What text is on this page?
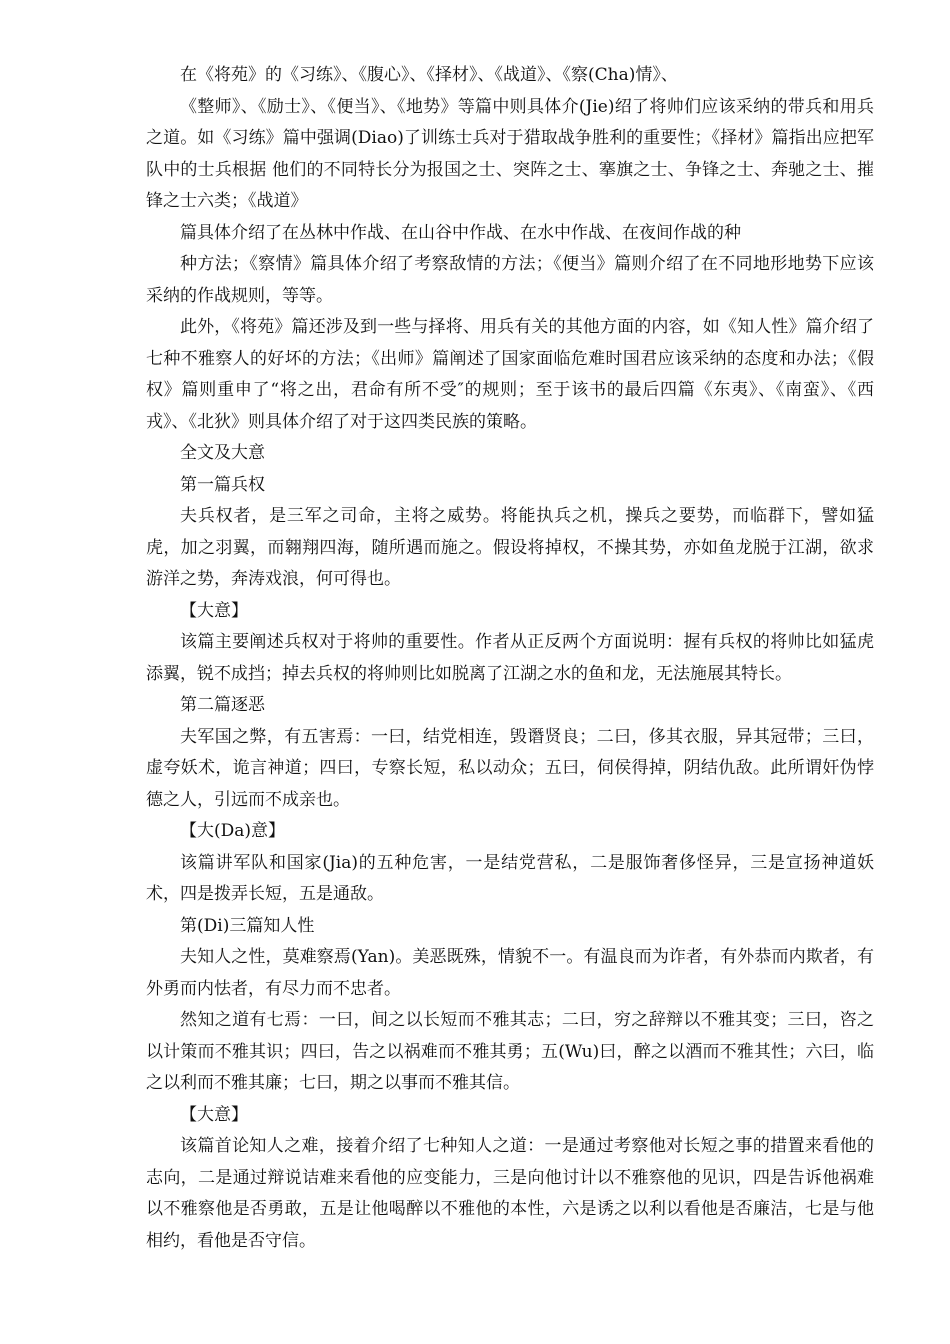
在《将苑》的《习练》、《腹心》、《择材》、《战道》、《察(Cha)情》、

《整师》、《励士》、《便当》、《地势》等篇中则具体介(Jie)绍了将帅们应该采纳的带兵和用兵之道。如《习练》篇中强调(Diao)了训练士兵对于猎取战争胜利的重要性；《择材》篇指出应把军队中的士兵根据 他们的不同特长分为报国之士、突阵之士、搴旗之士、争锋之士、奔驰之士、摧锋之士六类；《战道》

篇具体介绍了在丛林中作战、在山谷中作战、在水中作战、在夜间作战的种

种方法；《察情》篇具体介绍了考察敌情的方法；《便当》篇则介绍了在不同地形地势下应该采纳的作战规则，等等。

此外，《将苑》篇还涉及到一些与择将、用兵有关的其他方面的内容，如《知人性》篇介绍了七种不雅察人的好坏的方法；《出师》篇阐述了国家面临危难时国君应该采纳的态度和办法；《假权》篇则重申了“将之出，君命有所不受″的规则；至于该书的最后四篇《东夷》、《南蛮》、《西戎》、《北狄》则具体介绍了对于这四类民族的策略。

全文及大意

第一篇兵权

夫兵权者，是三军之司命，主将之威势。将能执兵之机，操兵之要势，而临群下，譬如猛虎，加之羽翼，而翱翔四海，随所遇而施之。假设将掉权，不操其势，亦如鱼龙脱于江湖，欲求游洋之势，奔涛戏浪，何可得也。

【大意】

该篇主要阐述兵权对于将帅的重要性。作者从正反两个方面说明：握有兵权的将帅比如猛虎添翼，锐不成挡；掉去兵权的将帅则比如脱离了江湖之水的鱼和龙，无法施展其特长。

第二篇逐恶

夫军国之弊，有五害焉：一曰，结党相连，毁谮贤良；二曰，侈其衣服，异其冠带；三曰，虚夸妖术，诡言神道；四曰，专察长短，私以动众；五曰，伺侯得掉，阴结仇敌。此所谓奸伪悖德之人，引远而不成亲也。

【大(Da)意】

该篇讲军队和国家(Jia)的五种危害，一是结党营私，二是服饰奢侈怪异，三是宣扬神道妖术，四是拨弄长短，五是通敌。

第(Di)三篇知人性

夫知人之性，莫难察焉(Yan)。美恶既殊，情貌不一。有温良而为诈者，有外恭而内欺者，有外勇而内怯者，有尽力而不忠者。

然知之道有七焉：一曰，间之以长短而不雅其志；二曰，穷之辞辩以不雅其变；三曰，咨之以计策而不雅其识；四曰，告之以祸难而不雅其勇；五(Wu)曰，醉之以酒而不雅其性；六曰，临之以利而不雅其廉；七曰，期之以事而不雅其信。

【大意】

该篇首论知人之难，接着介绍了七种知人之道：一是通过考察他对长短之事的措置来看他的志向，二是通过辩说诘难来看他的应变能力，三是向他讨计以不雅察他的见识，四是告诉他祸难以不雅察他是否勇敢，五是让他喝醉以不雅他的本性，六是诱之以利以看他是否廉洁，七是与他相约，看他是否守信。
